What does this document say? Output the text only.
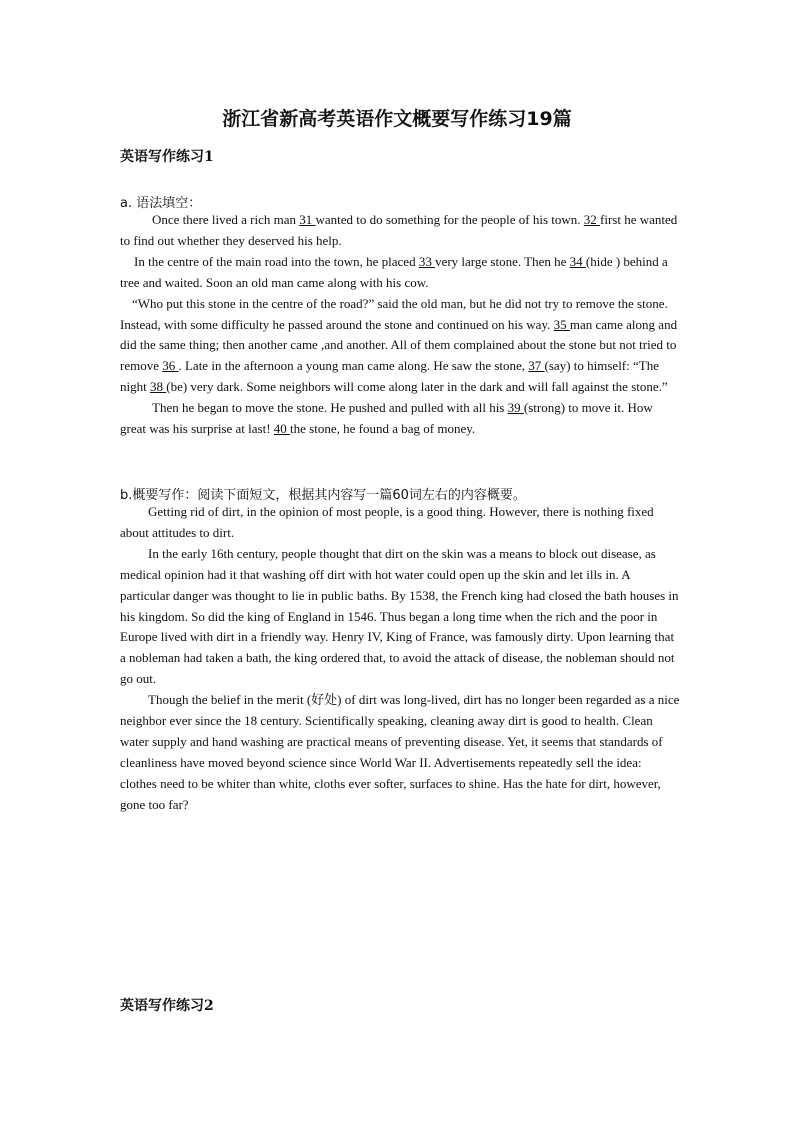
浙江省新高考英语作文概要写作练习19篇
英语写作练习1
a. 语法填空：

Once there lived a rich man 31 wanted to do something for the people of his town. 32 first he wanted to find out whether they deserved his help.

In the centre of the main road into the town, he placed 33 very large stone. Then he 34 (hide ) behind a tree and waited. Soon an old man came along with his cow.

“Who put this stone in the centre of the road?” said the old man, but he did not try to remove the stone. Instead, with some difficulty he passed around the stone and continued on his way. 35 man came along and did the same thing; then another came ,and another. All of them complained about the stone but not tried to remove 36 . Late in the afternoon a young man came along. He saw the stone, 37 (say) to himself: “The night 38 (be) very dark. Some neighbors will come along later in the dark and will fall against the stone.”

Then he began to move the stone. He pushed and pulled with all his 39 (strong) to move it. How great was his surprise at last! 40 the stone, he found a bag of money.

b.概要写作：阅读下面短文，根据其内容写一篇60词左右的内容概要。

Getting rid of dirt, in the opinion of most people, is a good thing. However, there is nothing fixed about attitudes to dirt.

In the early 16th century, people thought that dirt on the skin was a means to block out disease, as medical opinion had it that washing off dirt with hot water could open up the skin and let ills in. A particular danger was thought to lie in public baths. By 1538, the French king had closed the bath houses in his kingdom. So did the king of England in 1546. Thus began a long time when the rich and the poor in Europe lived with dirt in a friendly way. Henry IV, King of France, was famously dirty. Upon learning that a nobleman had taken a bath, the king ordered that, to avoid the attack of disease, the nobleman should not go out.

Though the belief in the merit (好处) of dirt was long-lived, dirt has no longer been regarded as a nice neighbor ever since the 18 century. Scientifically speaking, cleaning away dirt is good to health. Clean water supply and hand washing are practical means of preventing disease. Yet, it seems that standards of cleanliness have moved beyond science since World War II. Advertisements repeatedly sell the idea: clothes need to be whiter than white, cloths ever softer, surfaces to shine. Has the hate for dirt, however, gone too far?

英语写作练习2
